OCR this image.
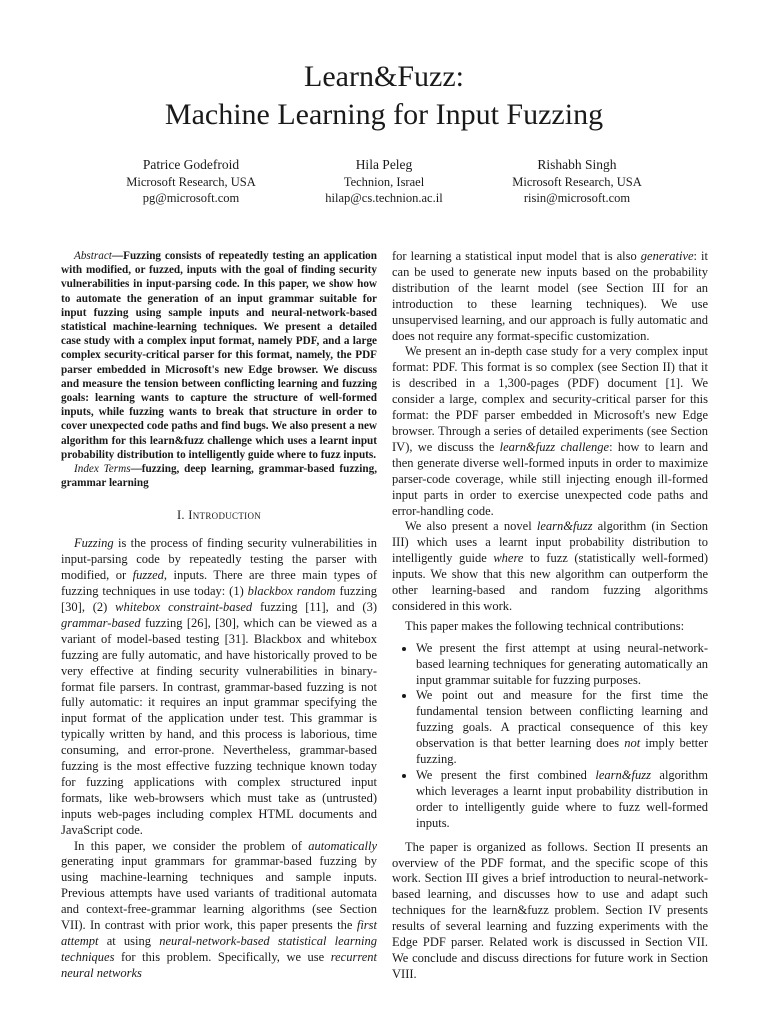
Learn&Fuzz:
Machine Learning for Input Fuzzing
Patrice Godefroid
Microsoft Research, USA
pg@microsoft.com
Hila Peleg
Technion, Israel
hilap@cs.technion.ac.il
Rishabh Singh
Microsoft Research, USA
risin@microsoft.com

Abstract—Fuzzing consists of repeatedly testing an application with modified, or fuzzed, inputs with the goal of finding security vulnerabilities in input-parsing code. In this paper, we show how to automate the generation of an input grammar suitable for input fuzzing using sample inputs and neural-network-based statistical machine-learning techniques. We present a detailed case study with a complex input format, namely PDF, and a large complex security-critical parser for this format, namely, the PDF parser embedded in Microsoft's new Edge browser. We discuss and measure the tension between conflicting learning and fuzzing goals: learning wants to capture the structure of well-formed inputs, while fuzzing wants to break that structure in order to cover unexpected code paths and find bugs. We also present a new algorithm for this learn&fuzz challenge which uses a learnt input probability distribution to intelligently guide where to fuzz inputs.

Index Terms—fuzzing, deep learning, grammar-based fuzzing, grammar learning

I. Introduction

Fuzzing is the process of finding security vulnerabilities in input-parsing code by repeatedly testing the parser with modified, or fuzzed, inputs. There are three main types of fuzzing techniques in use today: (1) blackbox random fuzzing [30], (2) whitebox constraint-based fuzzing [11], and (3) grammar-based fuzzing [26], [30], which can be viewed as a variant of model-based testing [31]. Blackbox and whitebox fuzzing are fully automatic, and have historically proved to be very effective at finding security vulnerabilities in binary-format file parsers. In contrast, grammar-based fuzzing is not fully automatic: it requires an input grammar specifying the input format of the application under test. This grammar is typically written by hand, and this process is laborious, time consuming, and error-prone. Nevertheless, grammar-based fuzzing is the most effective fuzzing technique known today for fuzzing applications with complex structured input formats, like web-browsers which must take as (untrusted) inputs web-pages including complex HTML documents and JavaScript code.

In this paper, we consider the problem of automatically generating input grammars for grammar-based fuzzing by using machine-learning techniques and sample inputs. Previous attempts have used variants of traditional automata and context-free-grammar learning algorithms (see Section VII). In contrast with prior work, this paper presents the first attempt at using neural-network-based statistical learning techniques for this problem. Specifically, we use recurrent neural networks

for learning a statistical input model that is also generative: it can be used to generate new inputs based on the probability distribution of the learnt model (see Section III for an introduction to these learning techniques). We use unsupervised learning, and our approach is fully automatic and does not require any format-specific customization.

We present an in-depth case study for a very complex input format: PDF. This format is so complex (see Section II) that it is described in a 1,300-pages (PDF) document [1]. We consider a large, complex and security-critical parser for this format: the PDF parser embedded in Microsoft's new Edge browser. Through a series of detailed experiments (see Section IV), we discuss the learn&fuzz challenge: how to learn and then generate diverse well-formed inputs in order to maximize parser-code coverage, while still injecting enough ill-formed input parts in order to exercise unexpected code paths and error-handling code.

We also present a novel learn&fuzz algorithm (in Section III) which uses a learnt input probability distribution to intelligently guide where to fuzz (statistically well-formed) inputs. We show that this new algorithm can outperform the other learning-based and random fuzzing algorithms considered in this work.

This paper makes the following technical contributions:

• We present the first attempt at using neural-network-based learning techniques for generating automatically an input grammar suitable for fuzzing purposes.
• We point out and measure for the first time the fundamental tension between conflicting learning and fuzzing goals. A practical consequence of this key observation is that better learning does not imply better fuzzing.
• We present the first combined learn&fuzz algorithm which leverages a learnt input probability distribution in order to intelligently guide where to fuzz well-formed inputs.

The paper is organized as follows. Section II presents an overview of the PDF format, and the specific scope of this work. Section III gives a brief introduction to neural-network-based learning, and discusses how to use and adapt such techniques for the learn&fuzz problem. Section IV presents results of several learning and fuzzing experiments with the Edge PDF parser. Related work is discussed in Section VII. We conclude and discuss directions for future work in Section VIII.
